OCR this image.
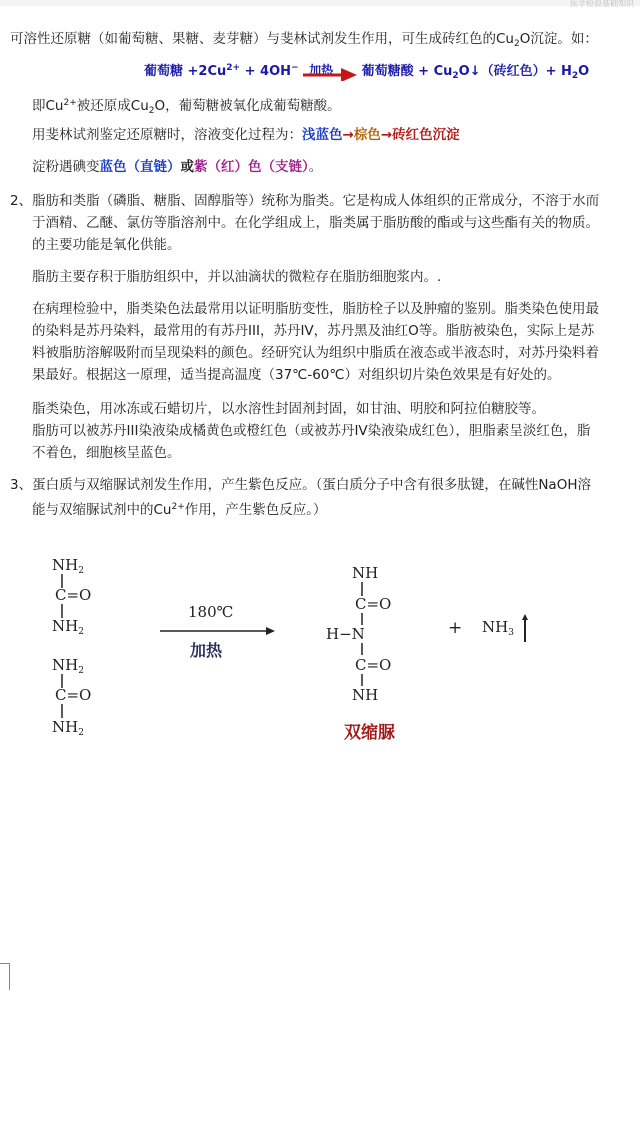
医学检验基础知识
可溶性还原糖（如葡萄糖、果糖、麦芽糖）与斐林试剂发生作用，可生成砖红色的$Cu_2O$沉淀。如：
葡萄糖 $+2Cu^{2+} + 4OH^-$ 加热 葡萄糖酸 + $Cu_2O↓$（砖红色）+ $H_2O$
即$Cu^{2+}$被还原成$Cu_2O$，葡萄糖被氧化成葡萄糖酸。
用斐林试剂鉴定还原糖时，溶液变化过程为：浅蓝色→棕色→砖红色沉淀
淀粉遇碘变蓝色（直链）或紫（红）色（支链）。
2、脂肪和类脂（磷脂、糖脂、固醇脂等）统称为脂类。它是构成人体组织的正常成分，不溶于水而
于酒精、乙醚、氯仿等脂溶剂中。在化学组成上，脂类属于脂肪酸的酯或与这些酯有关的物质。
的主要功能是氧化供能。
脂肪主要存积于脂肪组织中，并以油滴状的微粒存在脂肪细胞浆内。.
在病理检验中，脂类染色法最常用以证明脂肪变性，脂肪栓子以及肿瘤的鉴别。脂类染色使用最
的染料是苏丹染料，最常用的有苏丹III，苏丹IV，苏丹黑及油红O等。脂肪被染色，实际上是苏
料被脂肪溶解吸附而呈现染料的颜色。经研究认为组织中脂质在液态或半液态时，对苏丹染料着
果最好。根据这一原理，适当提高温度（37℃-60℃）对组织切片染色效果是有好处的。
脂类染色，用冰冻或石蜡切片，以水溶性封固剂封固，如甘油、明胶和阿拉伯糖胶等。
脂肪可以被苏丹III染液染成橘黄色或橙红色（或被苏丹IV染液染成红色），胆脂素呈淡红色，脂
不着色，细胞核呈蓝色。
3、蛋白质与双缩脲试剂发生作用，产生紫色反应。（蛋白质分子中含有很多肽键，在碱性NaOH溶
能与双缩脲试剂中的$Cu^{2+}$作用，产生紫色反应。）
$NH_2$
C=O
$NH_2$
$NH_2$
C=O
$NH_2$
180℃
加热
NH
C=O
H−N
C=O
NH
双缩脲
+ $NH_3$
